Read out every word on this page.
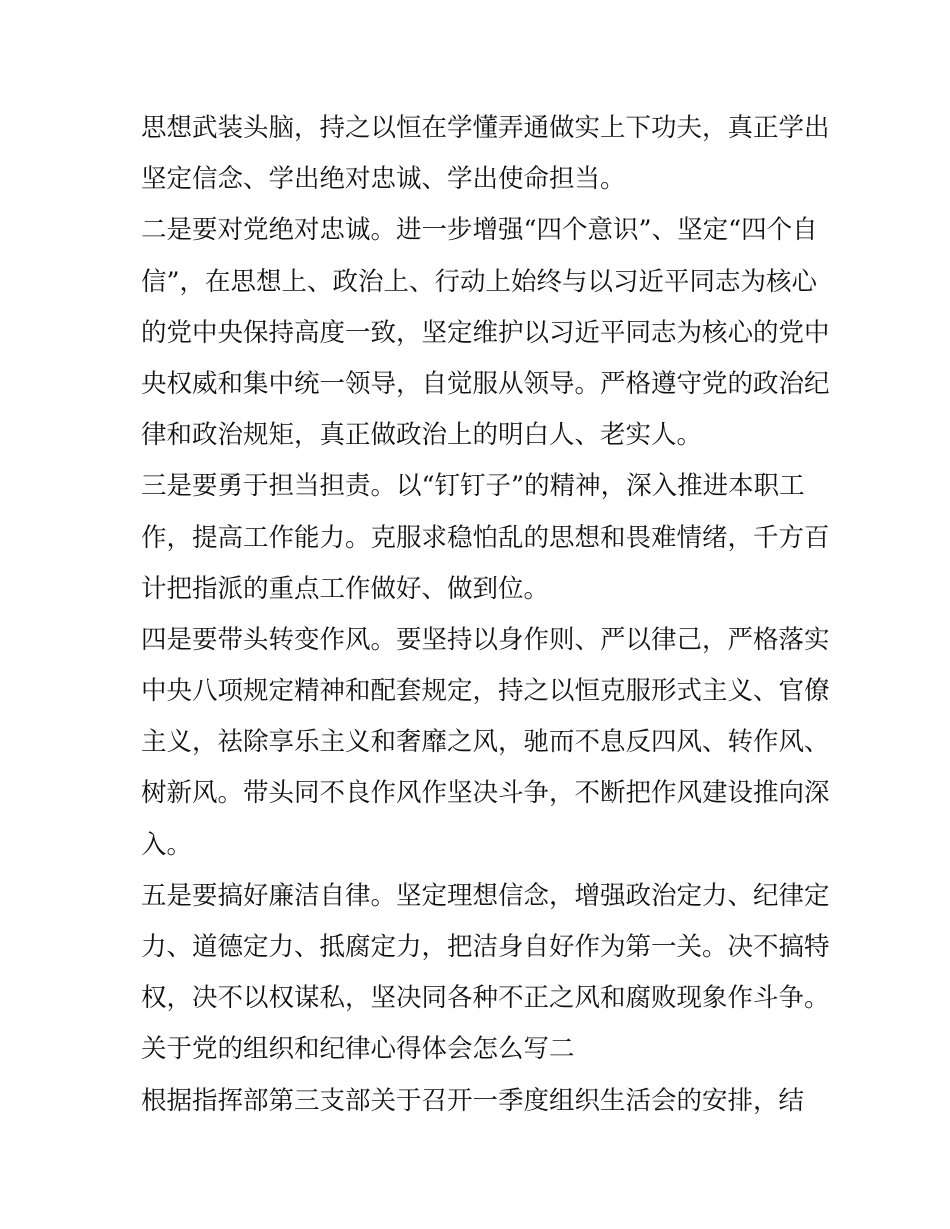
思想武装头脑，持之以恒在学懂弄通做实上下功夫，真正学出
坚定信念、学出绝对忠诚、学出使命担当。
二是要对党绝对忠诚。进一步增强“四个意识”、坚定“四个自
信”，在思想上、政治上、行动上始终与以习近平同志为核心
的党中央保持高度一致，坚定维护以习近平同志为核心的党中
央权威和集中统一领导，自觉服从领导。严格遵守党的政治纪
律和政治规矩，真正做政治上的明白人、老实人。
三是要勇于担当担责。以“钉钉子”的精神，深入推进本职工
作，提高工作能力。克服求稳怕乱的思想和畏难情绪，千方百
计把指派的重点工作做好、做到位。
四是要带头转变作风。要坚持以身作则、严以律己，严格落实
中央八项规定精神和配套规定，持之以恒克服形式主义、官僚
主义，祛除享乐主义和奢靡之风，驰而不息反四风、转作风、
树新风。带头同不良作风作坚决斗争，不断把作风建设推向深
入。
五是要搞好廉洁自律。坚定理想信念，增强政治定力、纪律定
力、道德定力、抵腐定力，把洁身自好作为第一关。决不搞特
权，决不以权谋私，坚决同各种不正之风和腐败现象作斗争。
关于党的组织和纪律心得体会怎么写二
根据指挥部第三支部关于召开一季度组织生活会的安排，结
